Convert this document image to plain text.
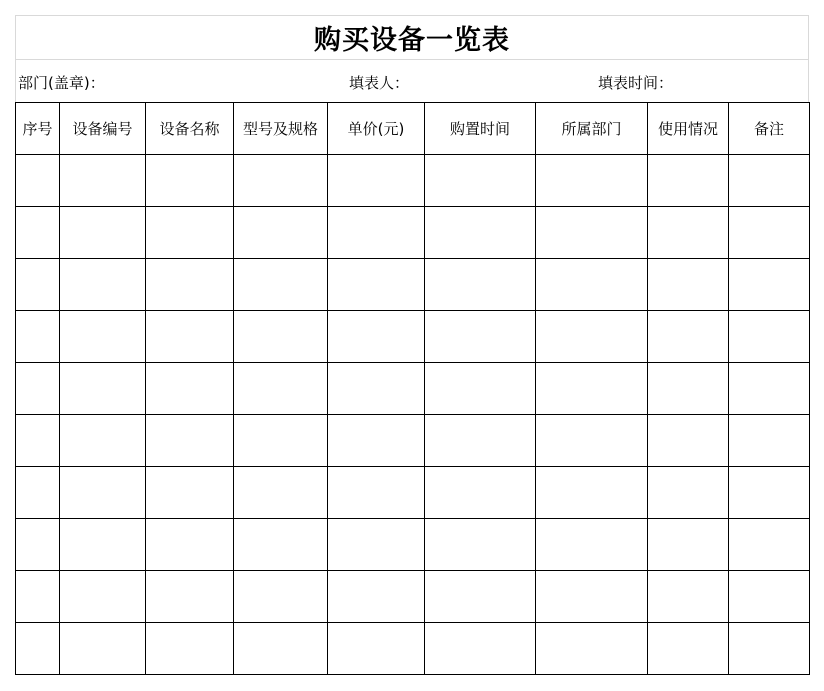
购买设备一览表
部门(盖章)：	填表人：	填表时间：
序号	设备编号	设备名称	型号及规格	单价(元)	购置时间	所属部门	使用情况	备注
